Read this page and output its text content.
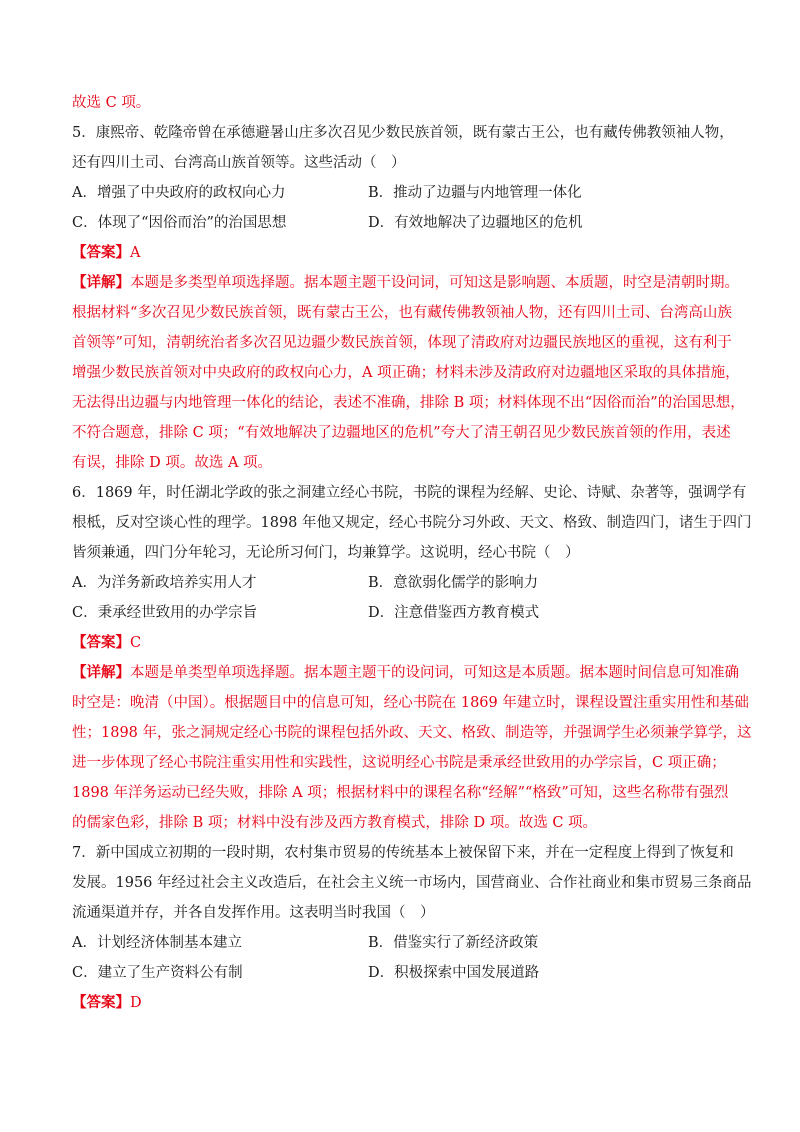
故选 C 项。
5．康熙帝、乾隆帝曾在承德避暑山庄多次召见少数民族首领，既有蒙古王公，也有藏传佛教领袖人物，
还有四川土司、台湾高山族首领等。这些活动（　）
A．增强了中央政府的政权向心力	B．推动了边疆与内地管理一体化
C．体现了“因俗而治”的治国思想	D．有效地解决了边疆地区的危机
【答案】A
【详解】本题是多类型单项选择题。据本题主题干设问词，可知这是影响题、本质题，时空是清朝时期。
根据材料“多次召见少数民族首领，既有蒙古王公，也有藏传佛教领袖人物，还有四川土司、台湾高山族
首领等”可知，清朝统治者多次召见边疆少数民族首领，体现了清政府对边疆民族地区的重视，这有利于
增强少数民族首领对中央政府的政权向心力，A 项正确；材料未涉及清政府对边疆地区采取的具体措施，
无法得出边疆与内地管理一体化的结论，表述不准确，排除 B 项；材料体现不出“因俗而治”的治国思想，
不符合题意，排除 C 项；“有效地解决了边疆地区的危机”夸大了清王朝召见少数民族首领的作用，表述
有误，排除 D 项。故选 A 项。
6．1869 年，时任湖北学政的张之洞建立经心书院，书院的课程为经解、史论、诗赋、杂著等，强调学有
根柢，反对空谈心性的理学。1898 年他又规定，经心书院分习外政、天文、格致、制造四门，诸生于四门
皆须兼通，四门分年轮习，无论所习何门，均兼算学。这说明，经心书院（　）
A．为洋务新政培养实用人才	B．意欲弱化儒学的影响力
C．秉承经世致用的办学宗旨	D．注意借鉴西方教育模式
【答案】C
【详解】本题是单类型单项选择题。据本题主题干的设问词，可知这是本质题。据本题时间信息可知准确
时空是：晚清（中国）。根据题目中的信息可知，经心书院在 1869 年建立时，课程设置注重实用性和基础
性；1898 年，张之洞规定经心书院的课程包括外政、天文、格致、制造等，并强调学生必须兼学算学，这
进一步体现了经心书院注重实用性和实践性，这说明经心书院是秉承经世致用的办学宗旨，C 项正确；
1898 年洋务运动已经失败，排除 A 项；根据材料中的课程名称“经解”“格致”可知，这些名称带有强烈
的儒家色彩，排除 B 项；材料中没有涉及西方教育模式，排除 D 项。故选 C 项。
7．新中国成立初期的一段时期，农村集市贸易的传统基本上被保留下来，并在一定程度上得到了恢复和
发展。1956 年经过社会主义改造后，在社会主义统一市场内，国营商业、合作社商业和集市贸易三条商品
流通渠道并存，并各自发挥作用。这表明当时我国（　）
A．计划经济体制基本建立	B．借鉴实行了新经济政策
C．建立了生产资料公有制	D．积极探索中国发展道路
【答案】D
